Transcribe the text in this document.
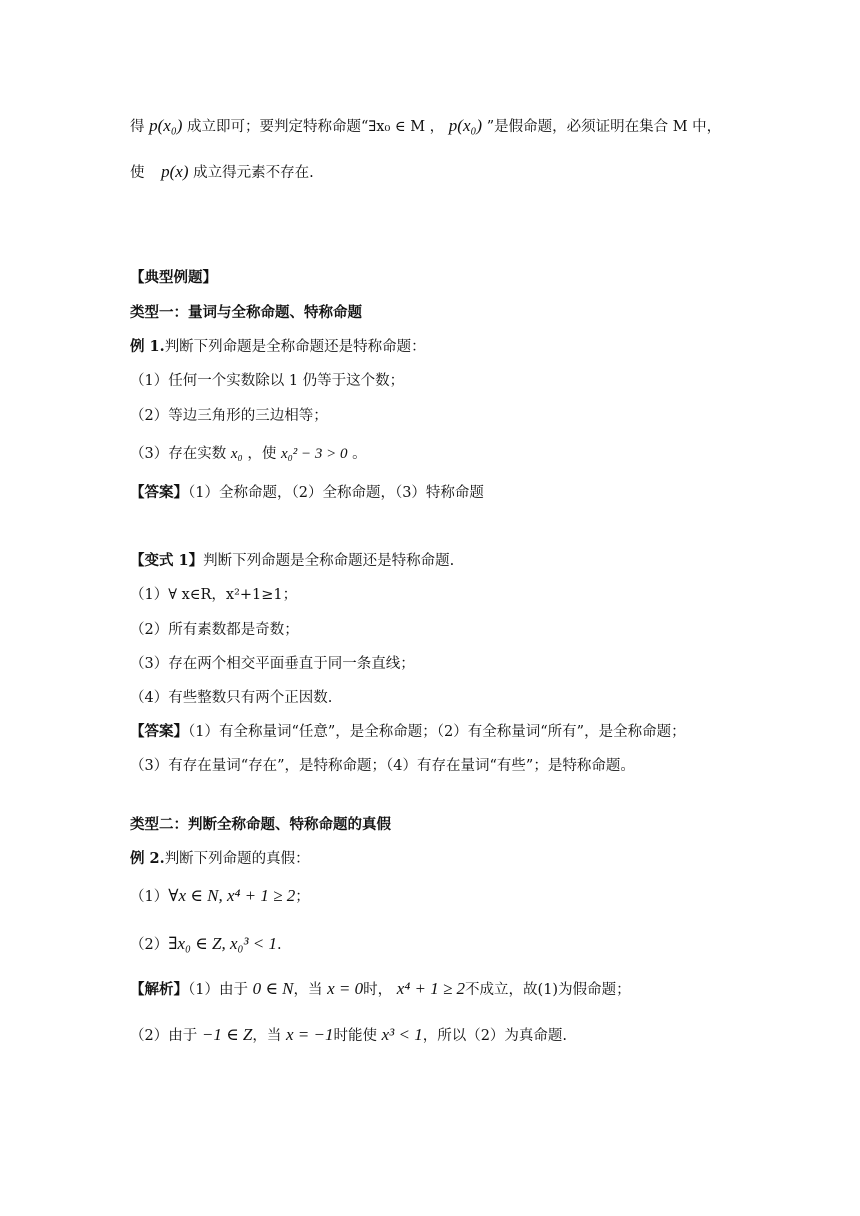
得 p(x₀) 成立即可；要判定特称命题“∃x₀ ∈ M ， p(x₀) ”是假命题，必须证明在集合 M 中，
使 p(x) 成立得元素不存在.
【典型例题】
类型一：量词与全称命题、特称命题
例 1.判断下列命题是全称命题还是特称命题：
（1）任何一个实数除以 1 仍等于这个数；
（2）等边三角形的三边相等；
（3）存在实数 x₀ ，使 x₀² − 3 > 0 。
【答案】（1）全称命题，（2）全称命题，（3）特称命题
【变式 1】判断下列命题是全称命题还是特称命题.
（1）∀ x∈R，x²+1≥1；
（2）所有素数都是奇数；
（3）存在两个相交平面垂直于同一条直线；
（4）有些整数只有两个正因数.
【答案】（1）有全称量词“任意”，是全称命题；（2）有全称量词“所有”，是全称命题；
（3）有存在量词“存在”，是特称命题；（4）有存在量词“有些”；是特称命题。
类型二：判断全称命题、特称命题的真假
例 2.判断下列命题的真假：
（1）∀x ∈ N, x⁴ + 1 ≥ 2；
（2）∃x₀ ∈ Z, x₀³ < 1.
【解析】（1）由于 0 ∈ N，当 x = 0时， x⁴ + 1 ≥ 2不成立，故(1)为假命题；
（2）由于 −1 ∈ Z，当 x = −1时能使 x³ < 1，所以（2）为真命题.
